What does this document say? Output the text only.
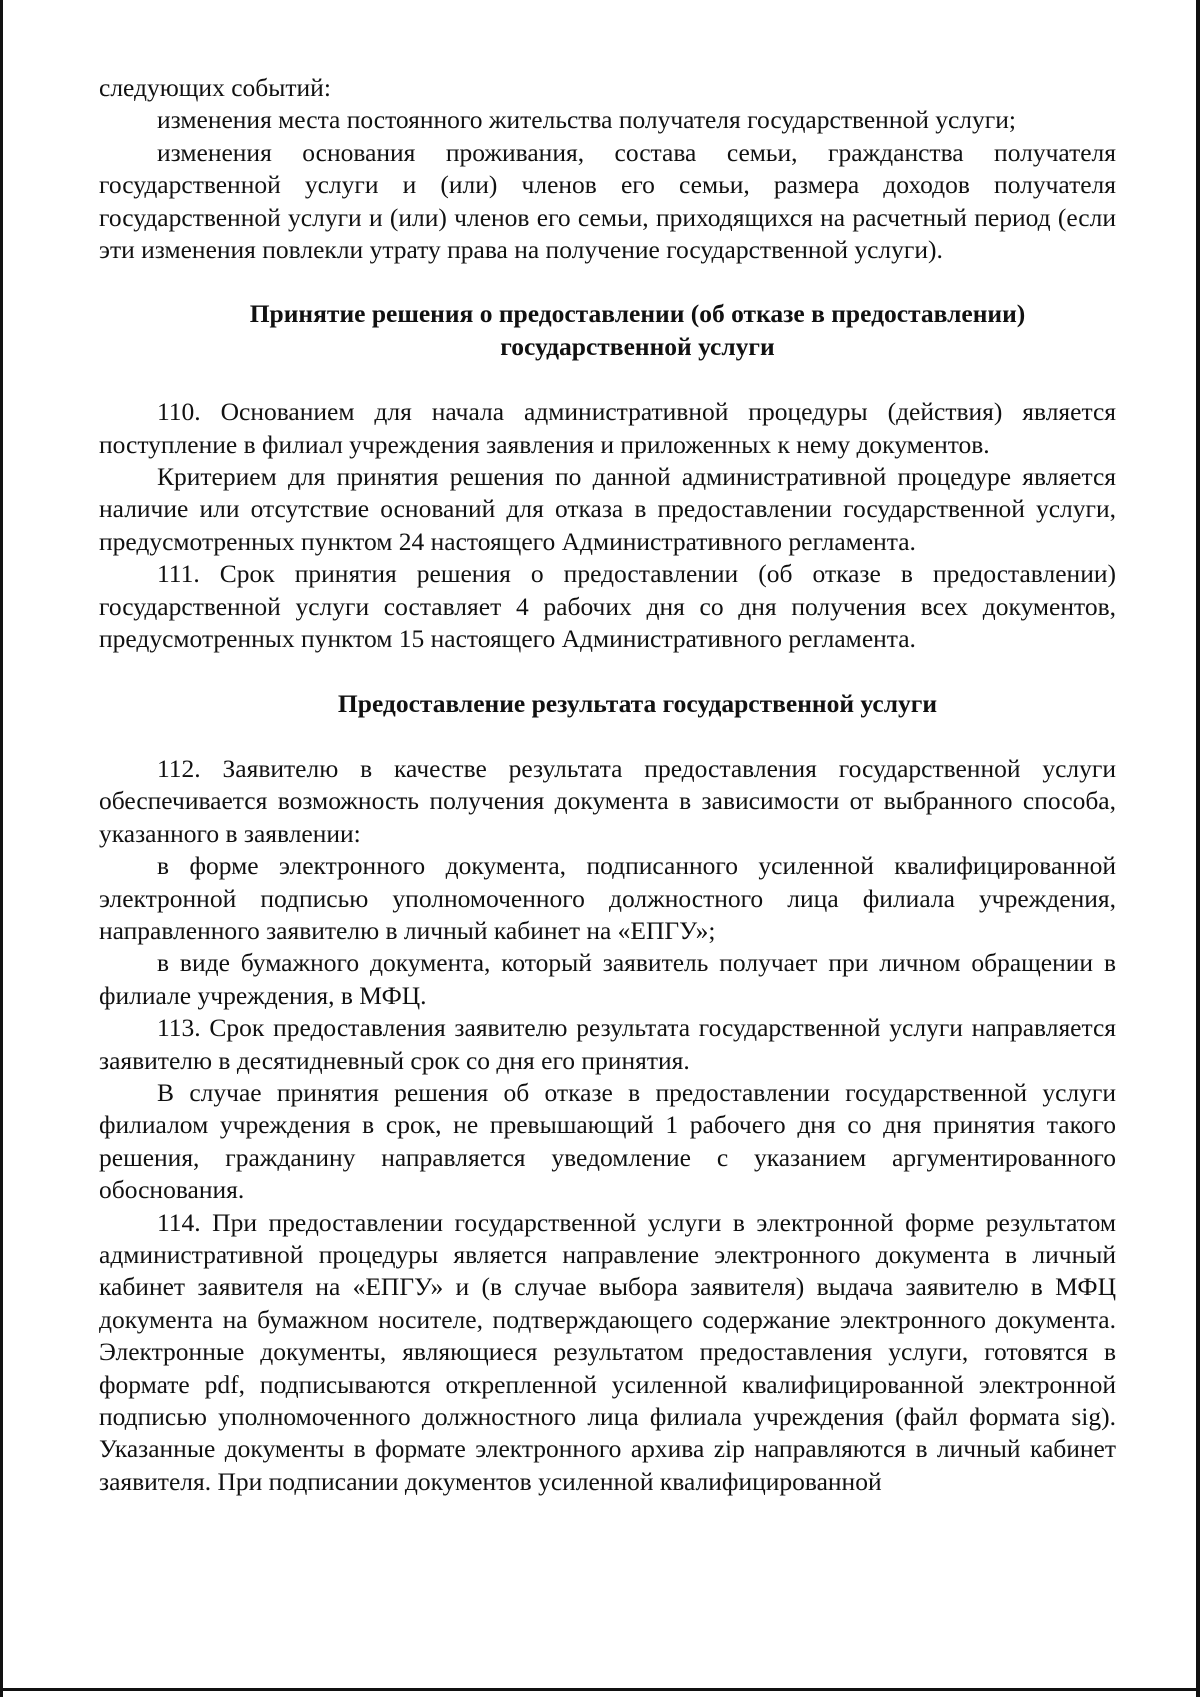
следующих событий:

изменения места постоянного жительства получателя государственной услуги;

изменения основания проживания, состава семьи, гражданства получателя государственной услуги и (или) членов его семьи, размера доходов получателя государственной услуги и (или) членов его семьи, приходящихся на расчетный период (если эти изменения повлекли утрату права на получение государственной услуги).

Принятие решения о предоставлении (об отказе в предоставлении)
государственной услуги

110. Основанием для начала административной процедуры (действия) является поступление в филиал учреждения заявления и приложенных к нему документов.

Критерием для принятия решения по данной административной процедуре является наличие или отсутствие оснований для отказа в предоставлении государственной услуги, предусмотренных пунктом 24 настоящего Административного регламента.

111. Срок принятия решения о предоставлении (об отказе в предоставлении) государственной услуги составляет 4 рабочих дня со дня получения всех документов, предусмотренных пунктом 15 настоящего Административного регламента.

Предоставление результата государственной услуги

112. Заявителю в качестве результата предоставления государственной услуги обеспечивается возможность получения документа в зависимости от выбранного способа, указанного в заявлении:

в форме электронного документа, подписанного усиленной квалифицированной электронной подписью уполномоченного должностного лица филиала учреждения, направленного заявителю в личный кабинет на «ЕПГУ»;

в виде бумажного документа, который заявитель получает при личном обращении в филиале учреждения, в МФЦ.

113. Срок предоставления заявителю результата государственной услуги направляется заявителю в десятидневный срок со дня его принятия.

В случае принятия решения об отказе в предоставлении государственной услуги филиалом учреждения в срок, не превышающий 1 рабочего дня со дня принятия такого решения, гражданину направляется уведомление с указанием аргументированного обоснования.

114. При предоставлении государственной услуги в электронной форме результатом административной процедуры является направление электронного документа в личный кабинет заявителя на «ЕПГУ» и (в случае выбора заявителя) выдача заявителю в МФЦ документа на бумажном носителе, подтверждающего содержание электронного документа. Электронные документы, являющиеся результатом предоставления услуги, готовятся в формате pdf, подписываются открепленной усиленной квалифицированной электронной подписью уполномоченного должностного лица филиала учреждения (файл формата sig). Указанные документы в формате электронного архива zip направляются в личный кабинет заявителя. При подписании документов усиленной квалифицированной
